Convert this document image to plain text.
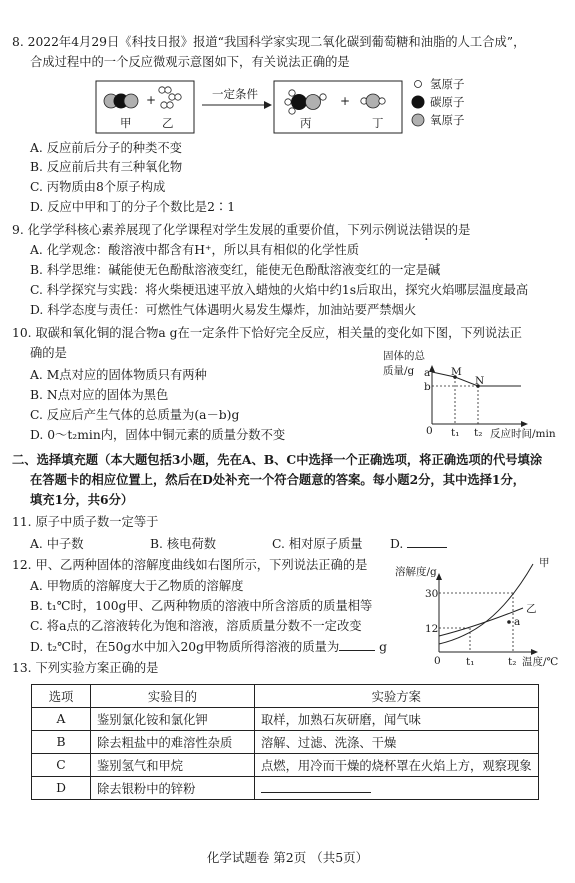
8. 2022年4月29日《科技日报》报道“我国科学家实现二氧化碳到葡萄糖和油脂的人工合成”，
合成过程中的一个反应微观示意图如下，有关说法正确的是
+
甲	乙
一定条件	+
丙	丁
氢原子
碳原子
氧原子
A. 反应前后分子的种类不变
B. 反应前后共有三种氧化物
C. 丙物质由8个原子构成
D. 反应中甲和丁的分子个数比是2∶1
9. 化学学科核心素养展现了化学课程对学生发展的重要价值，下列示例说法错误的是
A. 化学观念：酸溶液中都含有H⁺，所以具有相似的化学性质
B. 科学思维：碱能使无色酚酞溶液变红，能使无色酚酞溶液变红的一定是碱
C. 科学探究与实践：将火柴梗迅速平放入蜡烛的火焰中约1s后取出，探究火焰哪层温度最高
D. 科学态度与责任：可燃性气体遇明火易发生爆炸，加油站要严禁烟火
10. 取碳和氧化铜的混合物a g在一定条件下恰好完全反应，相关量的变化如下图，下列说法正
确的是
A. M点对应的固体物质只有两种
B. N点对应的固体为黑色
C. 反应后产生气体的总质量为(a－b)g
D. 0～t₂min内，固体中铜元素的质量分数不变
固体的总
质量/g a
b
M
N
0 t₁ t₂ 反应时间/min
二、选择填充题（本大题包括3小题，先在A、B、C中选择一个正确选项，将正确选项的代号填涂
在答题卡的相应位置上，然后在D处补充一个符合题意的答案。每小题2分，其中选择1分，
填充1分，共6分）
11. 原子中质子数一定等于
A. 中子数	B. 核电荷数	C. 相对原子质量 D.
12. 甲、乙两种固体的溶解度曲线如右图所示，下列说法正确的是
A. 甲物质的溶解度大于乙物质的溶解度
B. t₁℃时，100g甲、乙两种物质的溶液中所含溶质的质量相等
C. 将a点的乙溶液转化为饱和溶液，溶质质量分数不一定改变
D. t₂℃时，在50g水中加入20g甲物质所得溶液的质量为	g
溶解度/g
a
甲
乙
30
12
0 t₁	t₂ 温度/℃
13. 下列实验方案正确的是
选项	实验目的	实验方案
A	鉴别氯化铵和氯化钾	取样，加熟石灰研磨，闻气味
B	除去粗盐中的难溶性杂质	溶解、过滤、洗涤、干燥
C	鉴别氢气和甲烷	点燃，用冷而干燥的烧杯罩在火焰上方，观察现象
D	除去银粉中的锌粉	
化学试题卷 第2页 （共5页）
